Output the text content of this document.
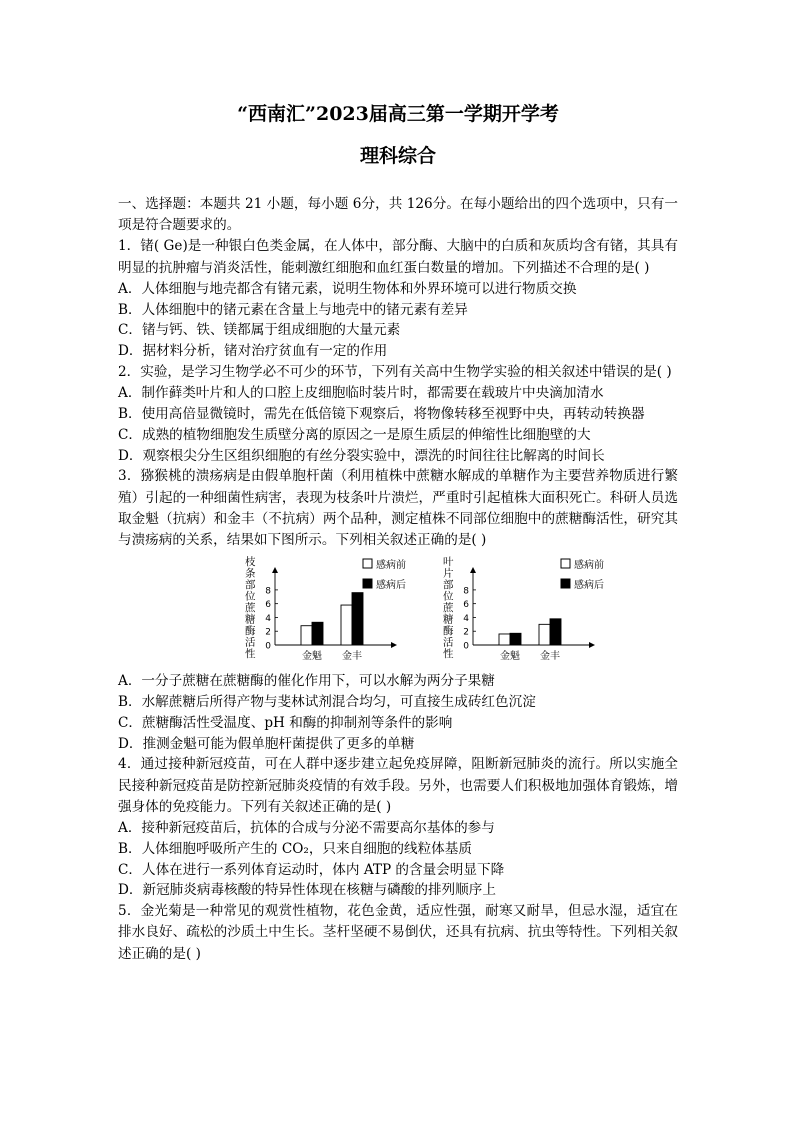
“西南汇”2023届高三第一学期开学考
理科综合

一、选择题：本题共 21 小题，每小题 6分，共 126分。在每小题给出的四个选项中，只有一项是符合题要求的。

1．锗( Ge)是一种银白色类金属，在人体中，部分酶、大脑中的白质和灰质均含有锗，其具有明显的抗肿瘤与消炎活性，能刺激红细胞和血红蛋白数量的增加。下列描述不合理的是( )

A．人体细胞与地壳都含有锗元素，说明生物体和外界环境可以进行物质交换

B．人体细胞中的锗元素在含量上与地壳中的锗元素有差异

C．锗与钙、铁、镁都属于组成细胞的大量元素

D．据材料分析，锗对治疗贫血有一定的作用

2．实验，是学习生物学必不可少的环节，下列有关高中生物学实验的相关叙述中错误的是( )

A．制作藓类叶片和人的口腔上皮细胞临时装片时，都需要在载玻片中央滴加清水

B．使用高倍显微镜时，需先在低倍镜下观察后，将物像转移至视野中央，再转动转换器

C．成熟的植物细胞发生质壁分离的原因之一是原生质层的伸缩性比细胞壁的大

D．观察根尖分生区组织细胞的有丝分裂实验中，漂洗的时间往往比解离的时间长

3．猕猴桃的溃疡病是由假单胞杆菌（利用植株中蔗糖水解成的单糖作为主要营养物质进行繁殖）引起的一种细菌性病害，表现为枝条叶片溃烂，严重时引起植株大面积死亡。科研人员选取金魁（抗病）和金丰（不抗病）两个品种，测定植株不同部位细胞中的蔗糖酶活性，研究其与溃疡病的关系，结果如下图所示。下列相关叙述正确的是( )

枝
条
部
位
蔗
糖
酶
活
性
0
2
4
6
8
金魁 金丰
感病前
感病后
叶
片
部
位
蔗
糖
酶
活
性
0
2
4
6
8
金魁 金丰
感病前
感病后

A．一分子蔗糖在蔗糖酶的催化作用下，可以水解为两分子果糖

B．水解蔗糖后所得产物与斐林试剂混合均匀，可直接生成砖红色沉淀

C．蔗糖酶活性受温度、pH 和酶的抑制剂等条件的影响

D．推测金魁可能为假单胞杆菌提供了更多的单糖

4．通过接种新冠疫苗，可在人群中逐步建立起免疫屏障，阻断新冠肺炎的流行。所以实施全民接种新冠疫苗是防控新冠肺炎疫情的有效手段。另外，也需要人们积极地加强体育锻炼，增强身体的免疫能力。下列有关叙述正确的是( )

A．接种新冠疫苗后，抗体的合成与分泌不需要高尔基体的参与

B．人体细胞呼吸所产生的 CO₂，只来自细胞的线粒体基质

C．人体在进行一系列体育运动时，体内 ATP 的含量会明显下降

D．新冠肺炎病毒核酸的特异性体现在核糖与磷酸的排列顺序上

5．金光菊是一种常见的观赏性植物，花色金黄，适应性强，耐寒又耐旱，但忌水湿，适宜在排水良好、疏松的沙质土中生长。茎杆坚硬不易倒伏，还具有抗病、抗虫等特性。下列相关叙述正确的是( )
